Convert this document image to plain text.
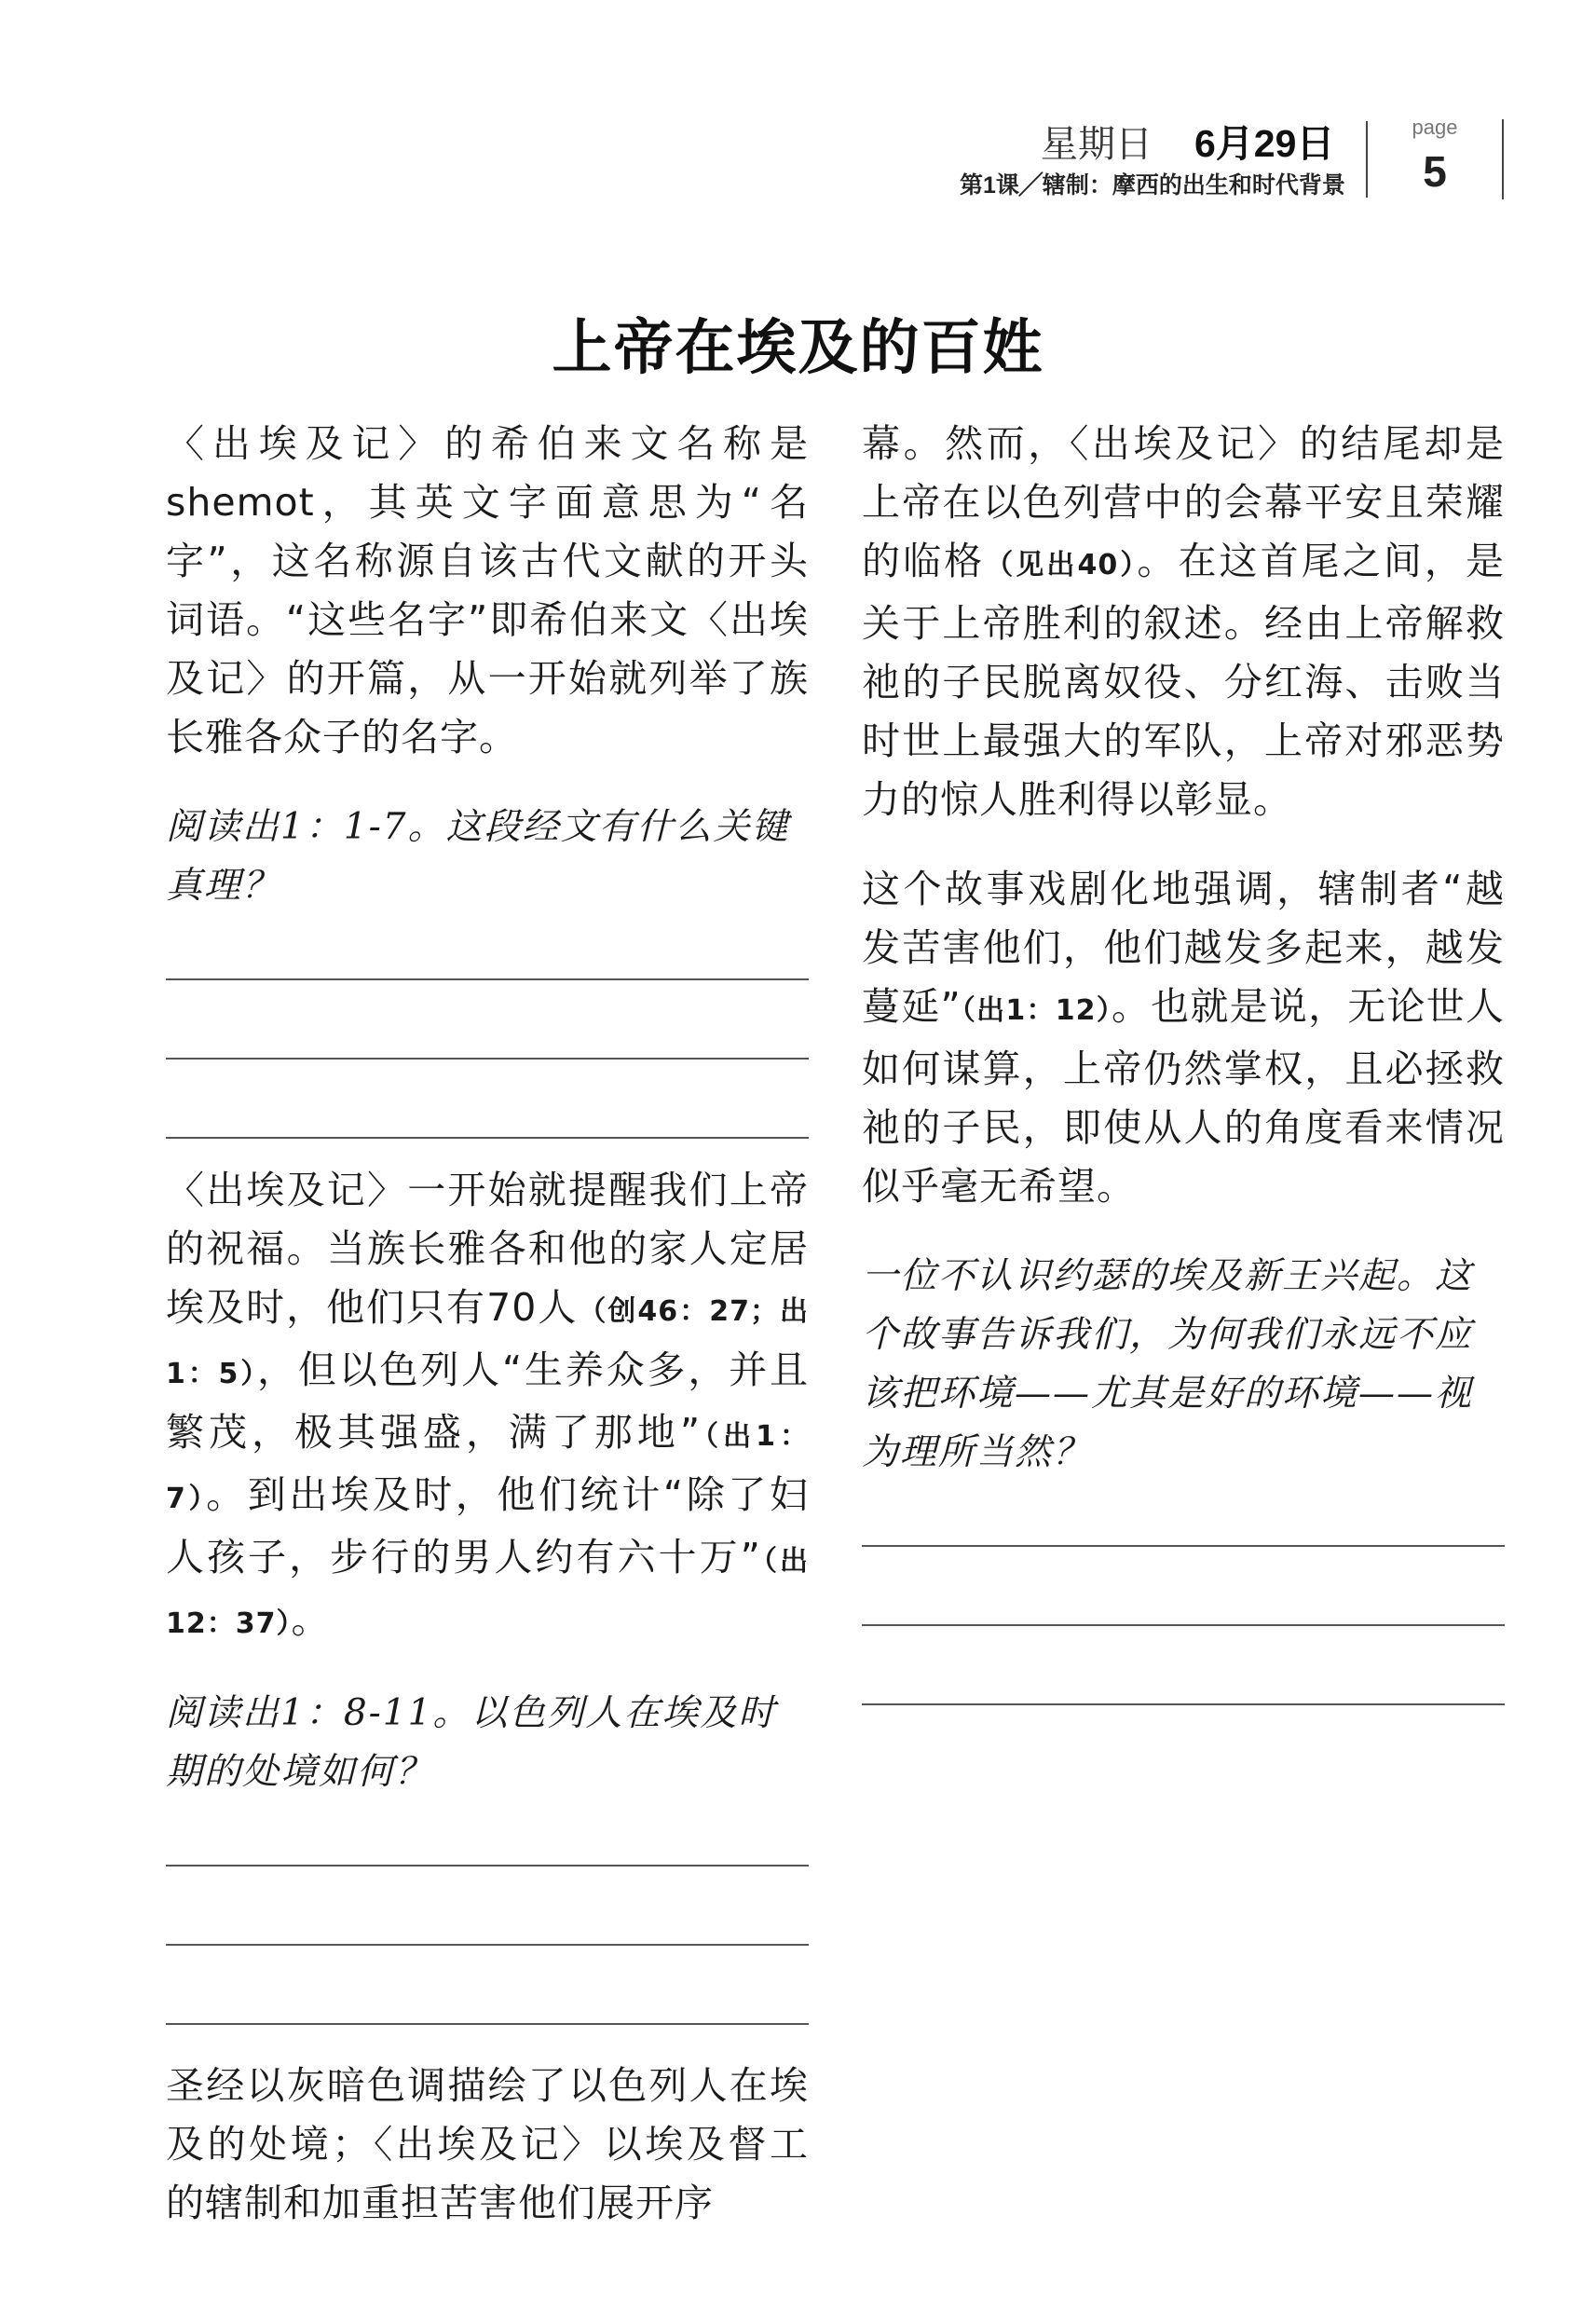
星期日 6月29日
第1课╱辖制：摩西的出生和时代背景
page
5
上帝在埃及的百姓

〈出埃及记〉的希伯来文名称是shemot，其英文字面意思为“名字”，这名称源自该古代文献的开头词语。“这些名字”即希伯来文〈出埃及记〉的开篇，从一开始就列举了族长雅各众子的名字。

阅读出1：1-7。这段经文有什么关键真理？

〈出埃及记〉一开始就提醒我们上帝的祝福。当族长雅各和他的家人定居埃及时，他们只有70人（创46：27；出1：5），但以色列人“生养众多，并且繁茂，极其强盛，满了那地”（出1：7）。到出埃及时，他们统计“除了妇人孩子，步行的男人约有六十万”（出12：37）。

阅读出1：8-11。以色列人在埃及时期的处境如何？

圣经以灰暗色调描绘了以色列人在埃及的处境；〈出埃及记〉以埃及督工的辖制和加重担苦害他们展开序

幕。然而，〈出埃及记〉的结尾却是上帝在以色列营中的会幕平安且荣耀的临格（见出40）。在这首尾之间，是关于上帝胜利的叙述。经由上帝解救祂的子民脱离奴役、分红海、击败当时世上最强大的军队，上帝对邪恶势力的惊人胜利得以彰显。

这个故事戏剧化地强调，辖制者“越发苦害他们，他们越发多起来，越发蔓延”（出1：12）。也就是说，无论世人如何谋算，上帝仍然掌权，且必拯救祂的子民，即使从人的角度看来情况似乎毫无希望。

一位不认识约瑟的埃及新王兴起。这个故事告诉我们，为何我们永远不应该把环境——尤其是好的环境——视为理所当然？
